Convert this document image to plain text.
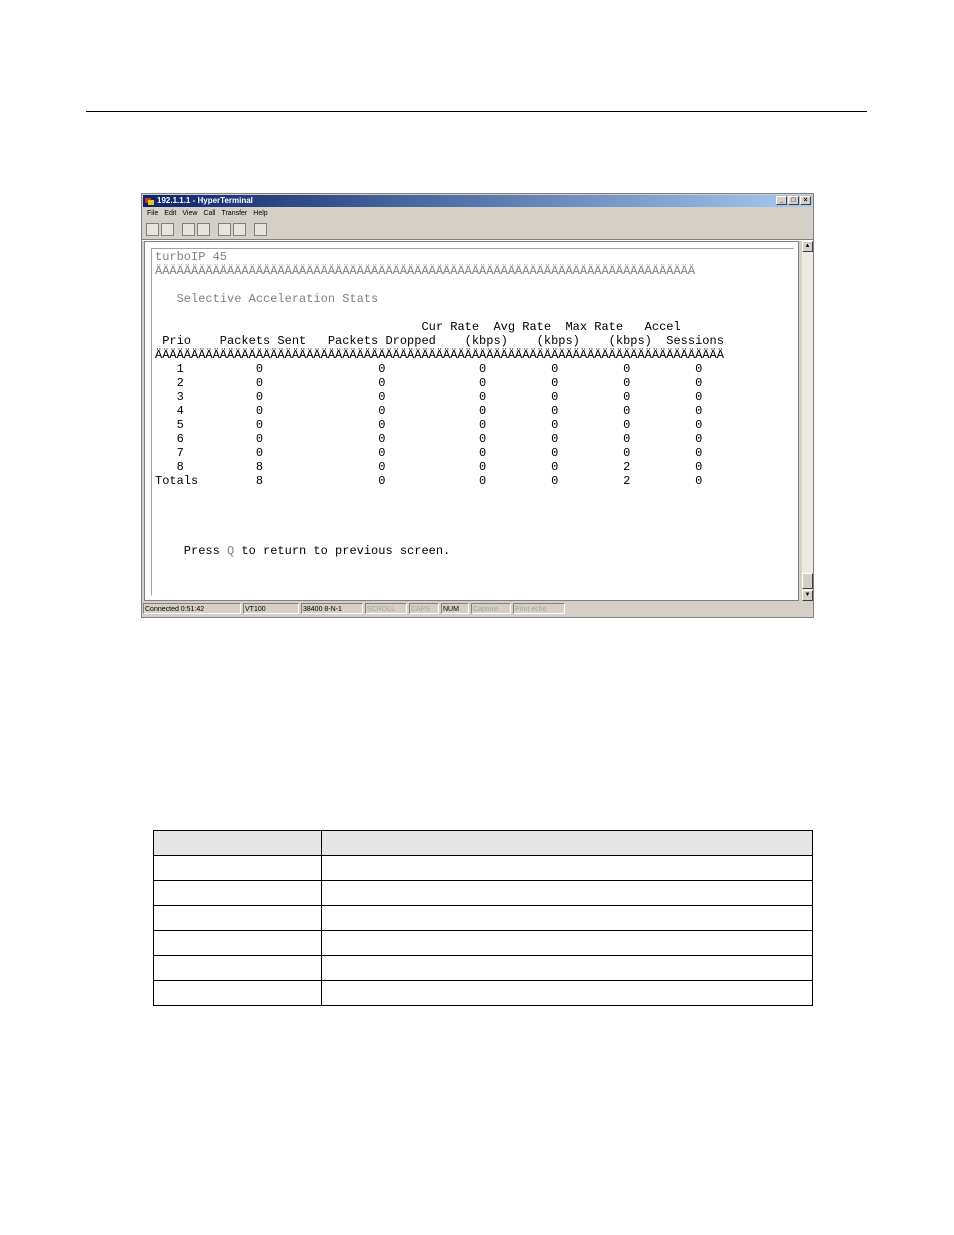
192.1.1.1 - HyperTerminal	_	□	×
File Edit View Call Transfer Help
turboIP 45
ÄÄÄÄÄÄÄÄÄÄÄÄÄÄÄÄÄÄÄÄÄÄÄÄÄÄÄÄÄÄÄÄÄÄÄÄÄÄÄÄÄÄÄÄÄÄÄÄÄÄÄÄÄÄÄÄÄÄÄÄÄÄÄÄÄÄÄÄÄÄÄÄÄÄÄ

Selective Acceleration Stats

Cur Rate  Avg Rate  Max Rate   Accel
Prio    Packets Sent   Packets Dropped    (kbps)    (kbps)    (kbps)  Sessions
ÄÄÄÄÄÄÄÄÄÄÄÄÄÄÄÄÄÄÄÄÄÄÄÄÄÄÄÄÄÄÄÄÄÄÄÄÄÄÄÄÄÄÄÄÄÄÄÄÄÄÄÄÄÄÄÄÄÄÄÄÄÄÄÄÄÄÄÄÄÄÄÄÄÄÄÄÄÄÄ
1          0                0             0         0         0         0
2          0                0             0         0         0         0
3          0                0             0         0         0         0
4          0                0             0         0         0         0
5          0                0             0         0         0         0
6          0                0             0         0         0         0
7          0                0             0         0         0         0
8          8                0             0         0         2         0
Totals        8                0             0         0         2         0

Press Q to return to previous screen.
▲
▼
Connected 0:51:42	VT100	38400 8-N-1	SCROLL	CAPS	NUM	Capture	Print echo
